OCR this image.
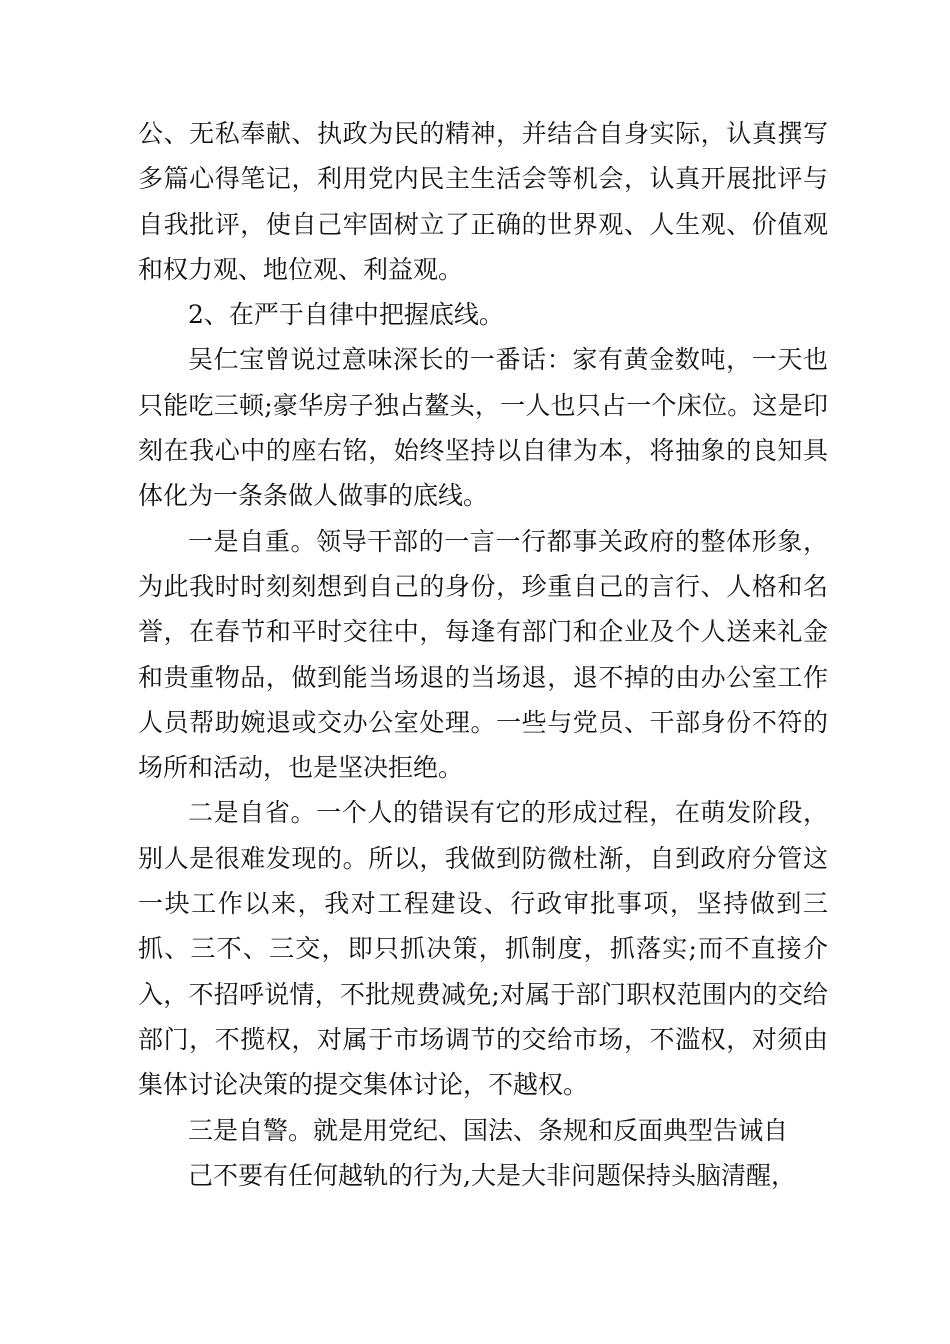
公、无私奉献、执政为民的精神，并结合自身实际，认真撰写多篇心得笔记，利用党内民主生活会等机会，认真开展批评与自我批评，使自己牢固树立了正确的世界观、人生观、价值观和权力观、地位观、利益观。

2、在严于自律中把握底线。

吴仁宝曾说过意味深长的一番话：家有黄金数吨，一天也只能吃三顿;豪华房子独占鳌头，一人也只占一个床位。这是印刻在我心中的座右铭，始终坚持以自律为本，将抽象的良知具体化为一条条做人做事的底线。

一是自重。领导干部的一言一行都事关政府的整体形象，为此我时时刻刻想到自己的身份，珍重自己的言行、人格和名誉，在春节和平时交往中，每逢有部门和企业及个人送来礼金和贵重物品，做到能当场退的当场退，退不掉的由办公室工作人员帮助婉退或交办公室处理。一些与党员、干部身份不符的场所和活动，也是坚决拒绝。

二是自省。一个人的错误有它的形成过程，在萌发阶段，别人是很难发现的。所以，我做到防微杜渐，自到政府分管这一块工作以来，我对工程建设、行政审批事项，坚持做到三抓、三不、三交，即只抓决策，抓制度，抓落实;而不直接介入，不招呼说情，不批规费减免;对属于部门职权范围内的交给部门，不揽权，对属于市场调节的交给市场，不滥权，对须由集体讨论决策的提交集体讨论，不越权。

三是自警。就是用党纪、国法、条规和反面典型告诫自

己不要有任何越轨的行为,大是大非问题保持头脑清醒，
